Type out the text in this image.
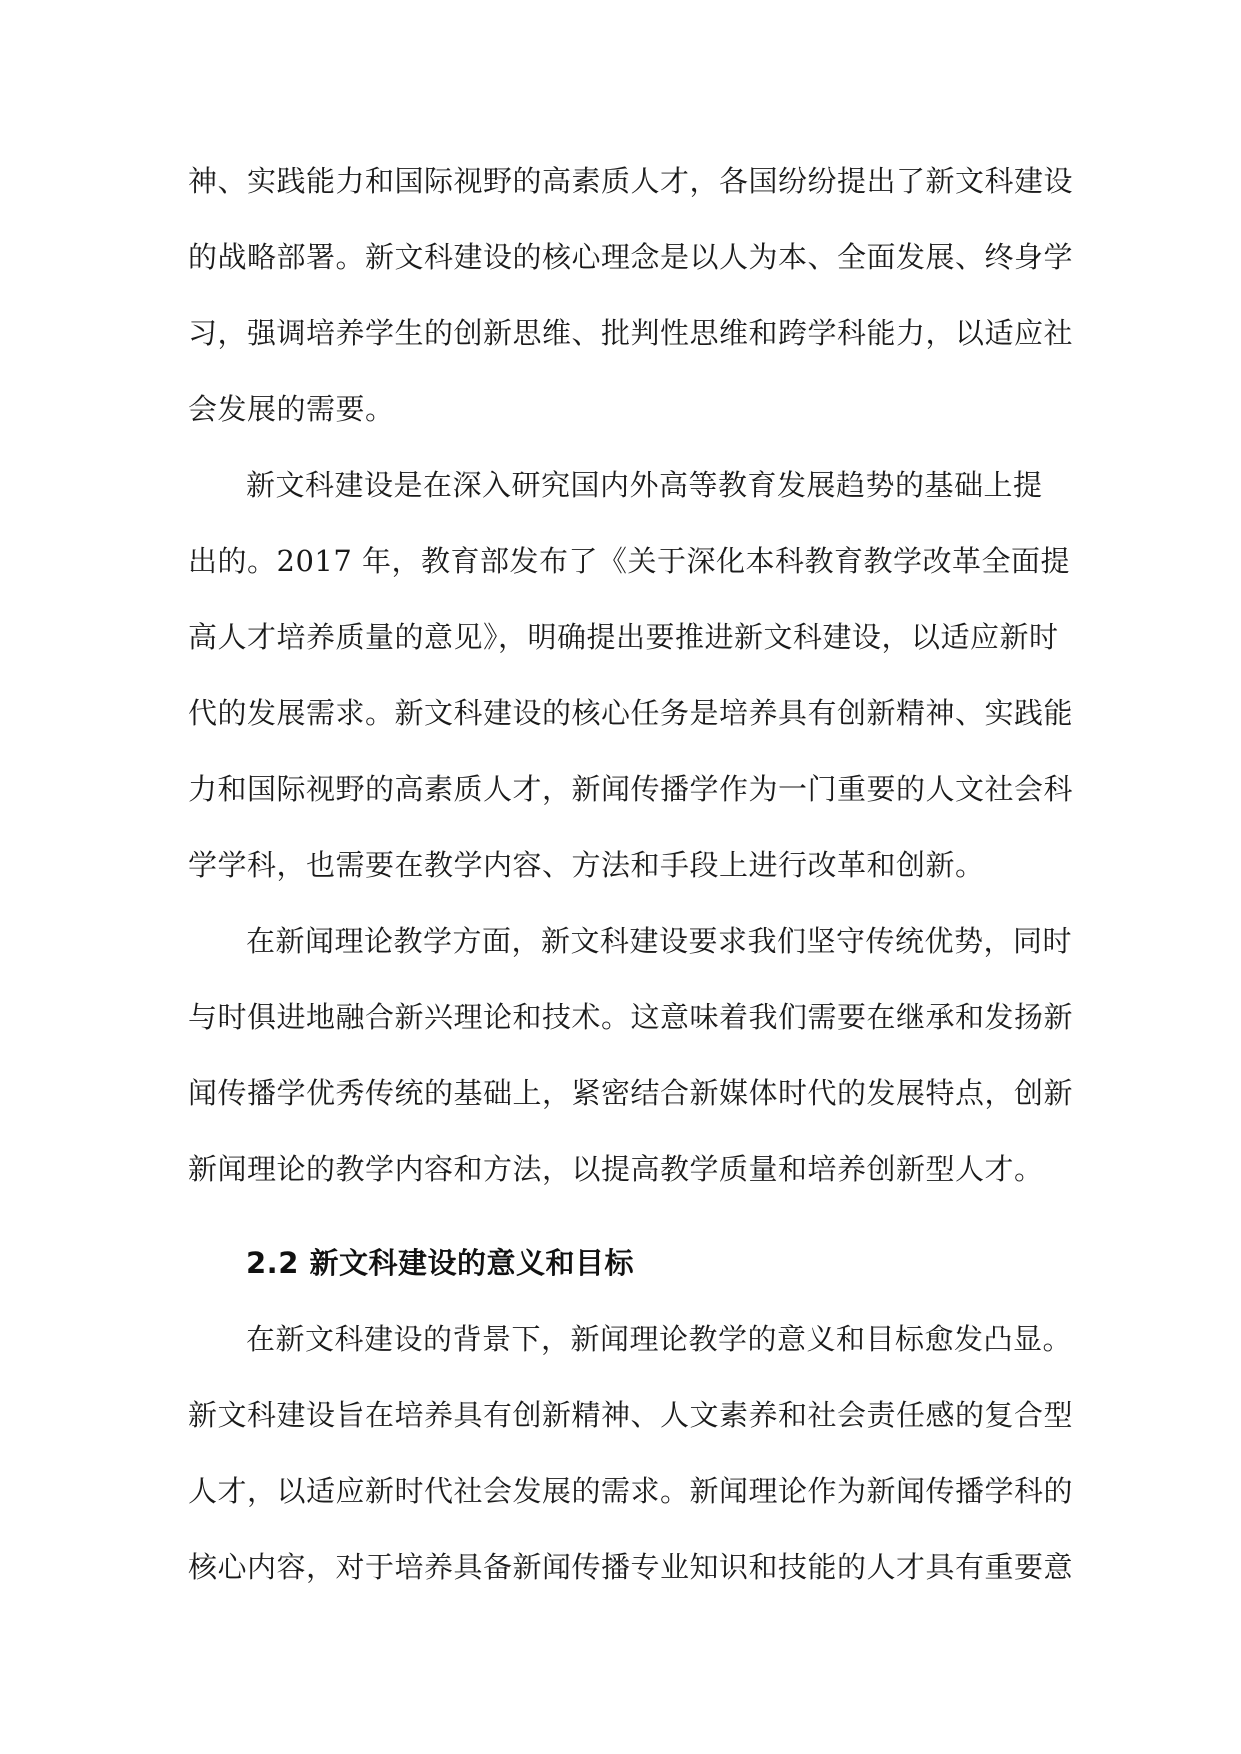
神、实践能力和国际视野的高素质人才，各国纷纷提出了新文科建设
的战略部署。新文科建设的核心理念是以人为本、全面发展、终身学
习，强调培养学生的创新思维、批判性思维和跨学科能力，以适应社
会发展的需要。
新文科建设是在深入研究国内外高等教育发展趋势的基础上提
出的。2017 年，教育部发布了《关于深化本科教育教学改革全面提
高人才培养质量的意见》，明确提出要推进新文科建设，以适应新时
代的发展需求。新文科建设的核心任务是培养具有创新精神、实践能
力和国际视野的高素质人才，新闻传播学作为一门重要的人文社会科
学学科，也需要在教学内容、方法和手段上进行改革和创新。
在新闻理论教学方面，新文科建设要求我们坚守传统优势，同时
与时俱进地融合新兴理论和技术。这意味着我们需要在继承和发扬新
闻传播学优秀传统的基础上，紧密结合新媒体时代的发展特点，创新
新闻理论的教学内容和方法，以提高教学质量和培养创新型人才。
2.2 新文科建设的意义和目标
在新文科建设的背景下，新闻理论教学的意义和目标愈发凸显。
新文科建设旨在培养具有创新精神、人文素养和社会责任感的复合型
人才，以适应新时代社会发展的需求。新闻理论作为新闻传播学科的
核心内容，对于培养具备新闻传播专业知识和技能的人才具有重要意
